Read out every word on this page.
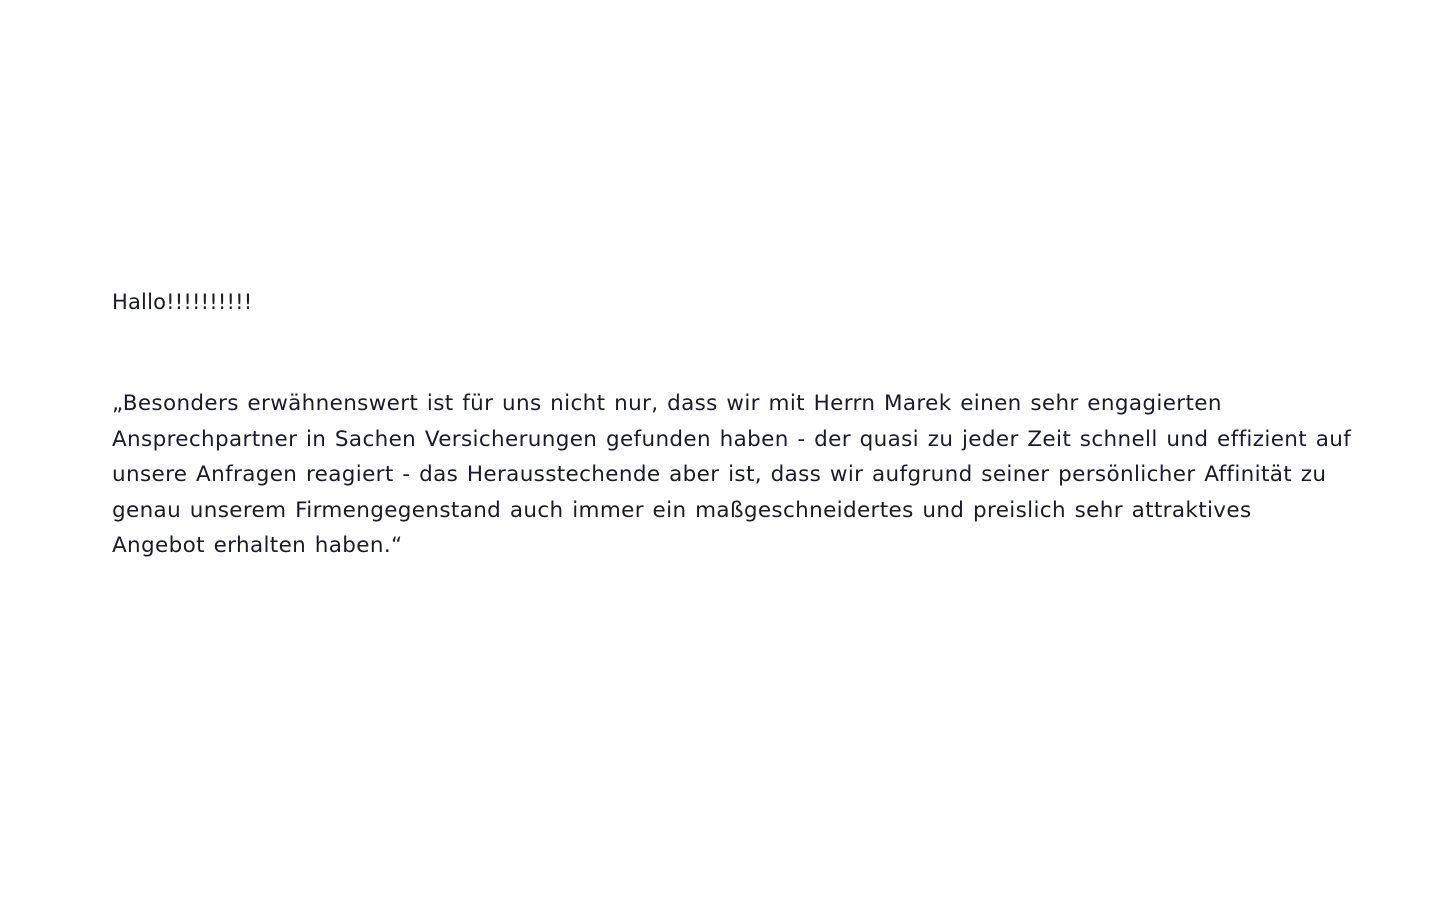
Hallo!!!!!!!!!!

„Besonders erwähnenswert ist für uns nicht nur, dass wir mit Herrn Marek einen sehr engagierten Ansprechpartner in Sachen Versicherungen gefunden haben - der quasi zu jeder Zeit schnell und effizient auf unsere Anfragen reagiert - das Herausstechende aber ist, dass wir aufgrund seiner persönlicher Affinität zu genau unserem Firmengegenstand auch immer ein maßgeschneidertes und preislich sehr attraktives Angebot erhalten haben.“
